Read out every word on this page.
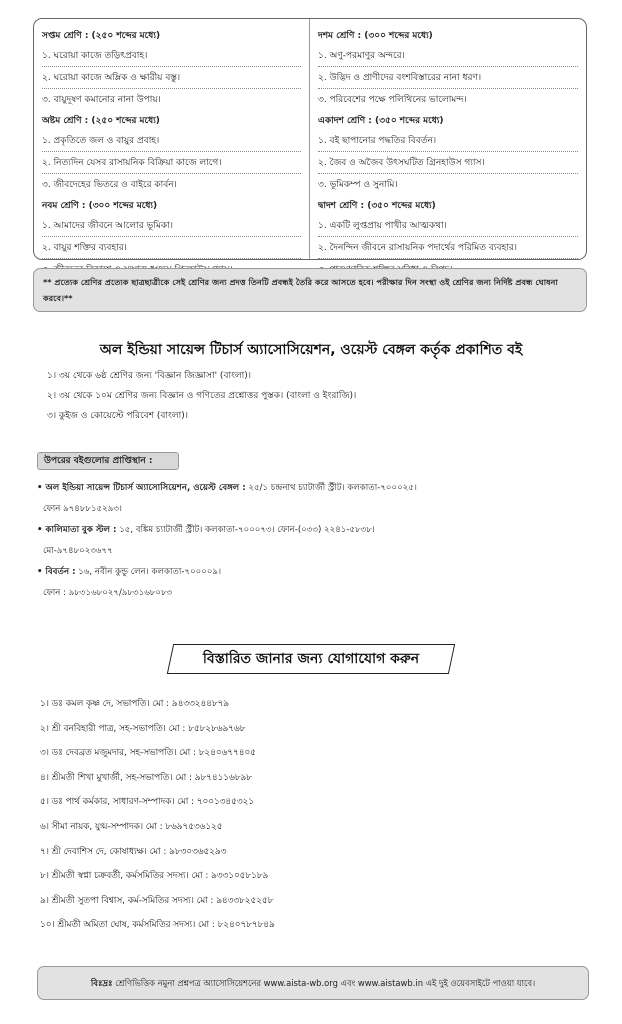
সপ্তম শ্রেণি : (২৫০ শব্দের মধ্যে)
১. ঘরোয়া কাজে তড়িৎপ্রবাহ।
২. ঘরোয়া কাজে অম্লিক ও ক্ষারীয় বস্তু।
৩. বায়ুদূষণ কমানোর নানা উপায়।
অষ্টম শ্রেণি : (২৫০ শব্দের মধ্যে)
১. প্রকৃতিতে জল ও বায়ুর প্রবাহ।
২. নিত্যদিন যেসব রাসায়নিক বিক্রিয়া কাজে লাগে।
৩. জীবদেহের ভিতরে ও বাইরে কার্বন।
নবম শ্রেণি : (৩০০ শব্দের মধ্যে)
১. আমাদের জীবনে আলোর ভূমিকা।
২. বায়ুর শক্তির ব্যবহার।
দশম শ্রেণি : (৩০০ শব্দের মধ্যে)
১. অণু-পরমাণুর অন্দরে।
২. উদ্ভিদ ও প্রাণীদের বংশবিস্তারের নানা ধরণ।
৩. পরিবেশের পক্ষে পলিথিনের ভালোমন্দ।
একাদশ শ্রেণি : (৩৫০ শব্দের মধ্যে)
১. বই ছাপানোর পদ্ধতির বিবর্তন।
২. জৈব ও অজৈব উৎসঘটিত গ্রিনহাউস গ্যাস।
৩. ভূমিকম্প ও সুনামি।
দ্বাদশ শ্রেণি : (৩৫০ শব্দের মধ্যে)
১. একটি লুপ্তপ্রায় পাখীর আত্মকথা।
২. দৈনন্দিন জীবনে রাসায়নিক পদার্থের পরিমিত ব্যবহার।
** প্রত্যেক শ্রেণির প্রত্যেক ছাত্রছাত্রীকে সেই শ্রেণির জন্য প্রদত্ত তিনটি প্রবন্ধই তৈরি করে আসতে হবে। পরীক্ষার দিন সংস্থা ওই শ্রেণির জন্য নির্দিষ্ট প্রবন্ধ ঘোষনা করবে।**
অল ইন্ডিয়া সায়েন্স টিচার্স অ্যাসোসিয়েশন, ওয়েস্ট বেঙ্গল কর্তৃক প্রকাশিত বই
১। ৩য় থেকে ৬ষ্ঠ শ্রেণির জন্য 'বিজ্ঞান জিজ্ঞাসা' (বাংলা)।
২। ৩য় থেকে ১০ম শ্রেণির জন্য বিজ্ঞান ও গণিতের প্রশ্নোত্তর পুস্তক। (বাংলা ও ইংরাজি)।
৩। কুইজ ও কোয়েস্টে পরিবেশ (বাংলা)।
উপরের বইগুলোর প্রাপ্তিস্থান :
• অল ইন্ডিয়া সায়েন্স টিচার্স অ্যাসোসিয়েশন, ওয়েস্ট বেঙ্গল : ২৫/১ চন্দ্রনাথ চ্যাটার্জী স্ট্রীট। কলকাতা-৭০০০২৫।
ফোন ৯৭৪৮৮১৫২৯৩।
• কালিমাতা বুক স্টল : ১৫, বঙ্কিম চ্যাটার্জী স্ট্রীট। কলকাতা-৭০০০৭৩। ফোন-(০৩৩) ২২৪১-৫৮৩৮।
মো-৯৭৪৮০২৩৬৭৭
• বিবর্তন : ১৬, নবীন কুন্ডু লেন। কলকাতা-৭০০০০৯।
ফোন : ৯৮৩১৬৮০২৭/৯৮৩১৬৮০৮৩
বিস্তারিত জানার জন্য যোগাযোগ করুন
১। ডঃ কমল কৃষ্ণ দে, সভাপতি। মো : ৯৪৩৩২৪৪৮৭৯
২। শ্রী বনবিহারী পাত্র, সহ-সভাপতি। মো : ৮৫৮২৮৬৯৭৬৮
৩। ডঃ দেবব্রত মজুমদার, সহ-সভাপতি। মো : ৮২৪০৬৭৭৪০৫
৪। শ্রীমতী শিখা মুখার্জী, সহ-সভাপতি। মো : ৯৮৭৪১১৬৮৯৮
৫। ডঃ পার্থ কর্মকার, সাধারণ-সম্পাদক। মো : ৭০০১৩৪৫৩২১
৬। সীমা নায়ক, যুগ্ম-সম্পাদক। মো : ৮৬৯৭৫৩৬১২৫
৭। শ্রী দেবাশিস দে, কোষাধ্যক্ষ। মো : ৯৮৩০৩৬৫২৯৩
৮। শ্রীমতী স্বপ্না চক্রবর্তী, কর্মসমিতির সদস্য। মো : ৯৩৩১০৫৮১৮৯
৯। শ্রীমতী সুতপা বিশ্বাস, কর্ম-সমিতির সদস্য। মো : ৯৪৩৩৮২৫২৫৮
১০। শ্রীমতী অমিতা ঘোষ, কর্মসমিতির সদস্য। মো : ৮২৪০৭৮৭৮৪৯
বিঃদ্রঃ শ্রেণিভিত্তিক নমুনা প্রশ্নপত্র অ্যাসোসিয়েশনের www.aista-wb.org এবং www.aistawb.in এই দুই ওয়েবসাইটে পাওয়া যাবে।
